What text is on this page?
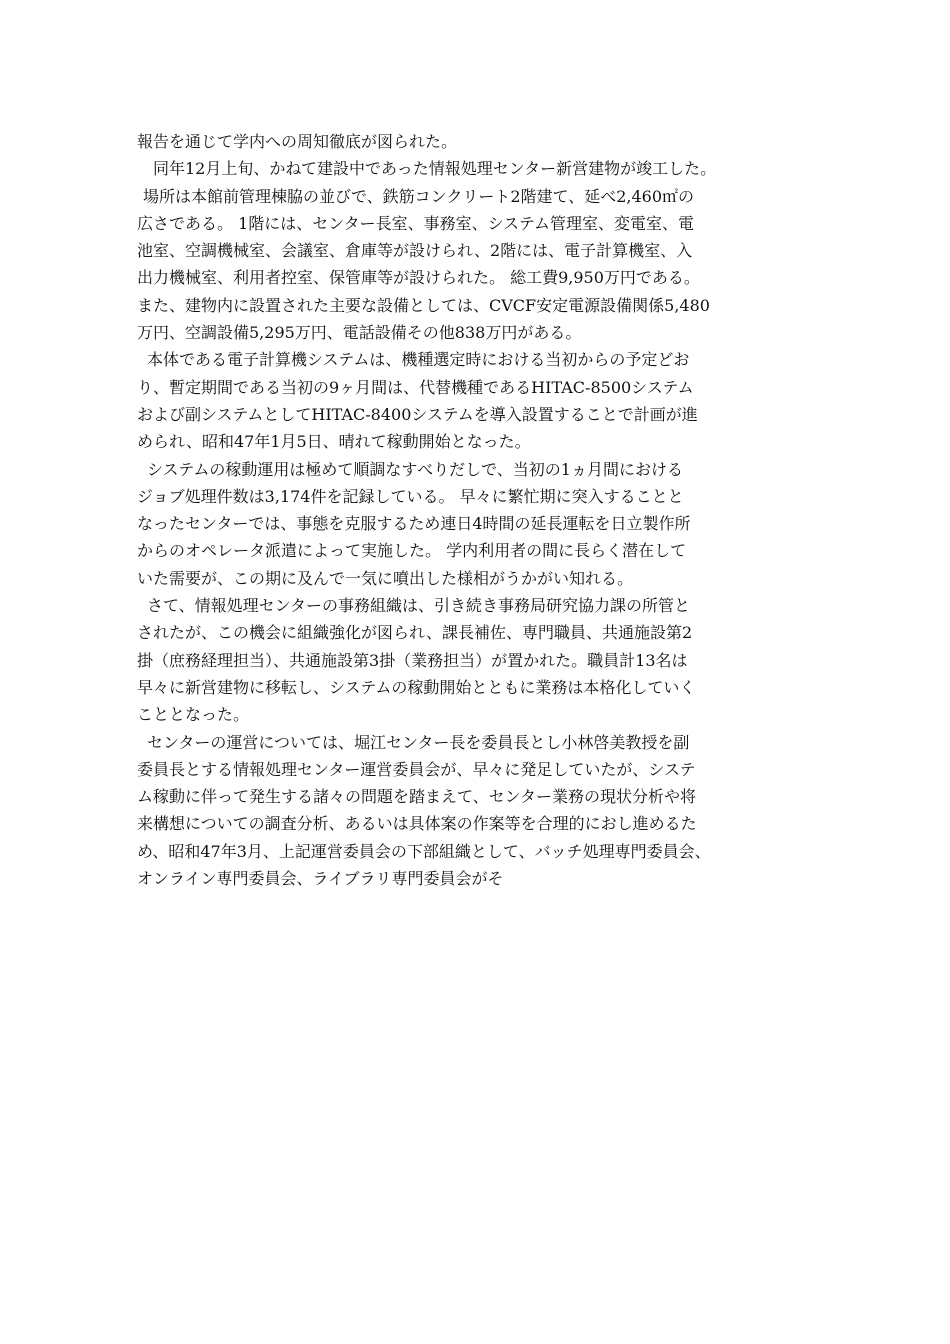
報告を通じて学内への周知徹底が図られた。
　同年12月上旬、かねて建設中であった情報処理センター新営建物が竣工した。
場所は本館前管理棟脇の並びで、鉄筋コンクリート2階建て、延べ2,460㎡の
広さである。 1階には、センター長室、事務室、システム管理室、変電室、電
池室、空調機械室、会議室、倉庫等が設けられ、2階には、電子計算機室、入
出力機械室、利用者控室、保管庫等が設けられた。 総工費9,950万円である。
また、建物内に設置された主要な設備としては、CVCF安定電源設備関係5,480
万円、空調設備5,295万円、電話設備その他838万円がある。
本体である電子計算機システムは、機種選定時における当初からの予定どお
り、暫定期間である当初の9ヶ月間は、代替機種であるHITAC-8500システム
および副システムとしてHITAC-8400システムを導入設置することで計画が進
められ、昭和47年1月5日、晴れて稼動開始となった。
システムの稼動運用は極めて順調なすべりだしで、当初の1ヵ月間における
ジョブ処理件数は3,174件を記録している。 早々に繁忙期に突入することと
なったセンターでは、事態を克服するため連日4時間の延長運転を日立製作所
からのオペレータ派遣によって実施した。 学内利用者の間に長らく潜在して
いた需要が、この期に及んで一気に噴出した様相がうかがい知れる。
さて、情報処理センターの事務組織は、引き続き事務局研究協力課の所管と
されたが、この機会に組織強化が図られ、課長補佐、専門職員、共通施設第2
掛（庶務経理担当）、共通施設第3掛（業務担当）が置かれた。職員計13名は
早々に新営建物に移転し、システムの稼動開始とともに業務は本格化していく
こととなった。
センターの運営については、堀江センター長を委員長とし小林啓美教授を副
委員長とする情報処理センター運営委員会が、早々に発足していたが、システ
ム稼動に伴って発生する諸々の問題を踏まえて、センター業務の現状分析や将
来構想についての調査分析、あるいは具体案の作案等を合理的におし進めるた
め、昭和47年3月、上記運営委員会の下部組織として、バッチ処理専門委員会、
オンライン専門委員会、ライブラリ専門委員会がそ
